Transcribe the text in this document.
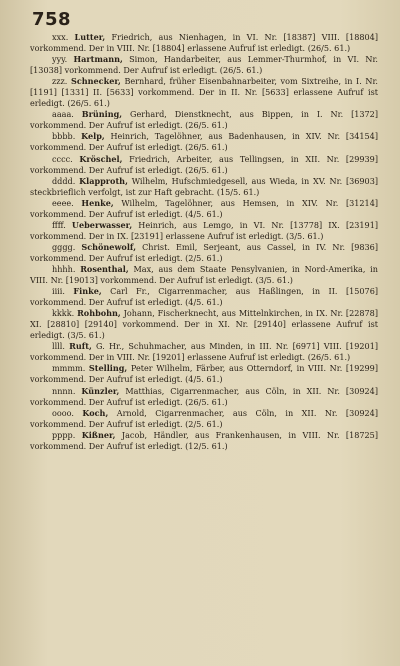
758

xxx. Lutter, Friedrich, aus Nienhagen, in VI. Nr. [18387] VIII. [18804] vorkommend. Der in VIII. Nr. [18804] erlassene Aufruf ist erledigt. (26/5. 61.)

yyy. Hartmann, Simon, Handarbeiter, aus Lemmer-Thurmhof, in VI. Nr. [13038] vorkommend. Der Aufruf ist erledigt. (26/5. 61.)

zzz. Schnecker, Bernhard, früher Eisenbahnarbeiter, vom Sixtreihe, in I. Nr. [1191] [1331] II. [5633] vorkommend. Der in II. Nr. [5633] erlassene Aufruf ist erledigt. (26/5. 61.)

aaaa. Brüning, Gerhard, Dienstknecht, aus Bippen, in I. Nr. [1372] vorkommend. Der Aufruf ist erledigt. (26/5. 61.)

bbbb. Kelp, Heinrich, Tagelöhner, aus Badenhausen, in XIV. Nr. [34154] vorkommend. Der Aufruf ist erledigt. (26/5. 61.)

cccc. Kröschel, Friedrich, Arbeiter, aus Tellingsen, in XII. Nr. [29939] vorkommend. Der Aufruf ist erledigt. (26/5. 61.)

dddd. Klapproth, Wilhelm, Hufschmiedgesell, aus Wieda, in XV. Nr. [36903] steckbrieflich verfolgt, ist zur Haft gebracht. (15/5. 61.)

eeee. Henke, Wilhelm, Tagelöhner, aus Hemsen, in XIV. Nr. [31214] vorkommend. Der Aufruf ist erledigt. (4/5. 61.)

ffff. Ueberwasser, Heinrich, aus Lemgo, in VI. Nr. [13778] IX. [23191] vorkommend. Der in IX. [23191] erlassene Aufruf ist erledigt. (3/5. 61.)

gggg. Schönewolf, Christ. Emil, Serjeant, aus Cassel, in IV. Nr. [9836] vorkommend. Der Aufruf ist erledigt. (2/5. 61.)

hhhh. Rosenthal, Max, aus dem Staate Pensylvanien, in Nord-Amerika, in VIII. Nr. [19013] vorkommend. Der Aufruf ist erledigt. (3/5. 61.)

iiii. Finke, Carl Fr., Cigarrenmacher, aus Haßlingen, in II. [15076] vorkommend. Der Aufruf ist erledigt. (4/5. 61.)

kkkk. Rohbohn, Johann, Fischerknecht, aus Mittelnkirchen, in IX. Nr. [22878] XI. [28810] [29140] vorkommend. Der in XI. Nr. [29140] erlassene Aufruf ist erledigt. (3/5. 61.)

llll. Ruft, G. Hr., Schuhmacher, aus Minden, in III. Nr. [6971] VIII. [19201] vorkommend. Der in VIII. Nr. [19201] erlassene Aufruf ist erledigt. (26/5. 61.)

mmmm. Stelling, Peter Wilhelm, Färber, aus Otterndorf, in VIII. Nr. [19299] vorkommend. Der Aufruf ist erledigt. (4/5. 61.)

nnnn. Künzler, Matthias, Cigarrenmacher, aus Cöln, in XII. Nr. [30924] vorkommend. Der Aufruf ist erledigt. (26/5. 61.)

oooo. Koch, Arnold, Cigarrenmacher, aus Cöln, in XII. Nr. [30924] vorkommend. Der Aufruf ist erledigt. (2/5. 61.)

pppp. Kißner, Jacob, Händler, aus Frankenhausen, in VIII. Nr. [18725] vorkommend. Der Aufruf ist erledigt. (12/5. 61.)
